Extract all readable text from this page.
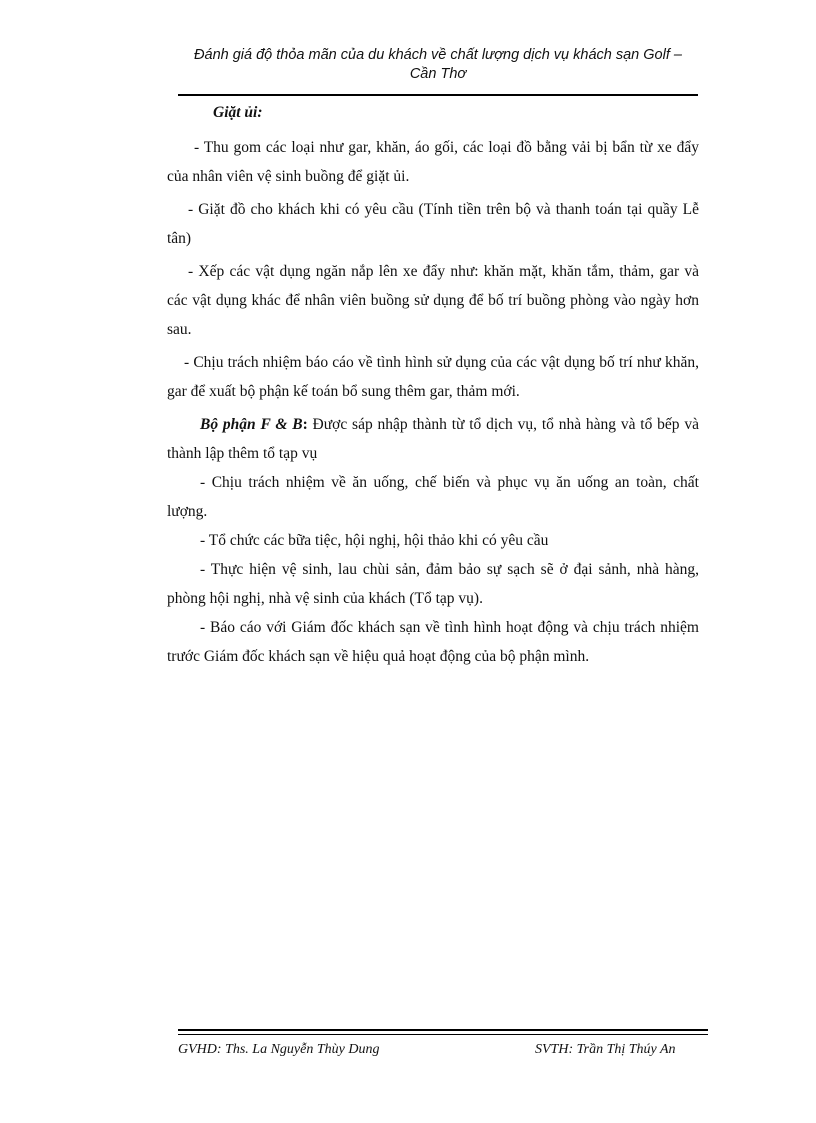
Đánh giá độ thỏa mãn của du khách về chất lượng dịch vụ khách sạn Golf –
Cần Thơ

Giặt ủi:

- Thu gom các loại như gar, khăn, áo gối, các loại đồ bằng vải bị bẩn từ xe đẩy của nhân viên vệ sinh buồng để giặt ủi.

- Giặt đồ cho khách khi có yêu cầu (Tính tiền trên bộ và thanh toán tại quầy Lễ tân)

- Xếp các vật dụng ngăn nắp lên xe đẩy như: khăn mặt, khăn tắm, thảm, gar và các vật dụng khác để nhân viên buồng sử dụng để bố trí buồng phòng vào ngày hơn sau.

- Chịu trách nhiệm báo cáo về tình hình sử dụng của các vật dụng bố trí như khăn, gar để xuất bộ phận kế toán bổ sung thêm gar, thảm mới.

Bộ phận F & B: Được sáp nhập thành từ tổ dịch vụ, tổ nhà hàng và tổ bếp và thành lập thêm tổ tạp vụ

- Chịu trách nhiệm về ăn uống, chế biến và phục vụ ăn uống an toàn, chất lượng.

- Tổ chức các bữa tiệc, hội nghị, hội thảo khi có yêu cầu

- Thực hiện vệ sinh, lau chùi sản, đảm bảo sự sạch sẽ ở đại sảnh, nhà hàng, phòng hội nghị, nhà vệ sinh của khách (Tổ tạp vụ).

- Báo cáo với Giám đốc khách sạn về tình hình hoạt động và chịu trách nhiệm trước Giám đốc khách sạn về hiệu quả hoạt động của bộ phận mình.

GVHD: Ths. La Nguyễn Thùy Dung	SVTH: Trần Thị Thúy An
